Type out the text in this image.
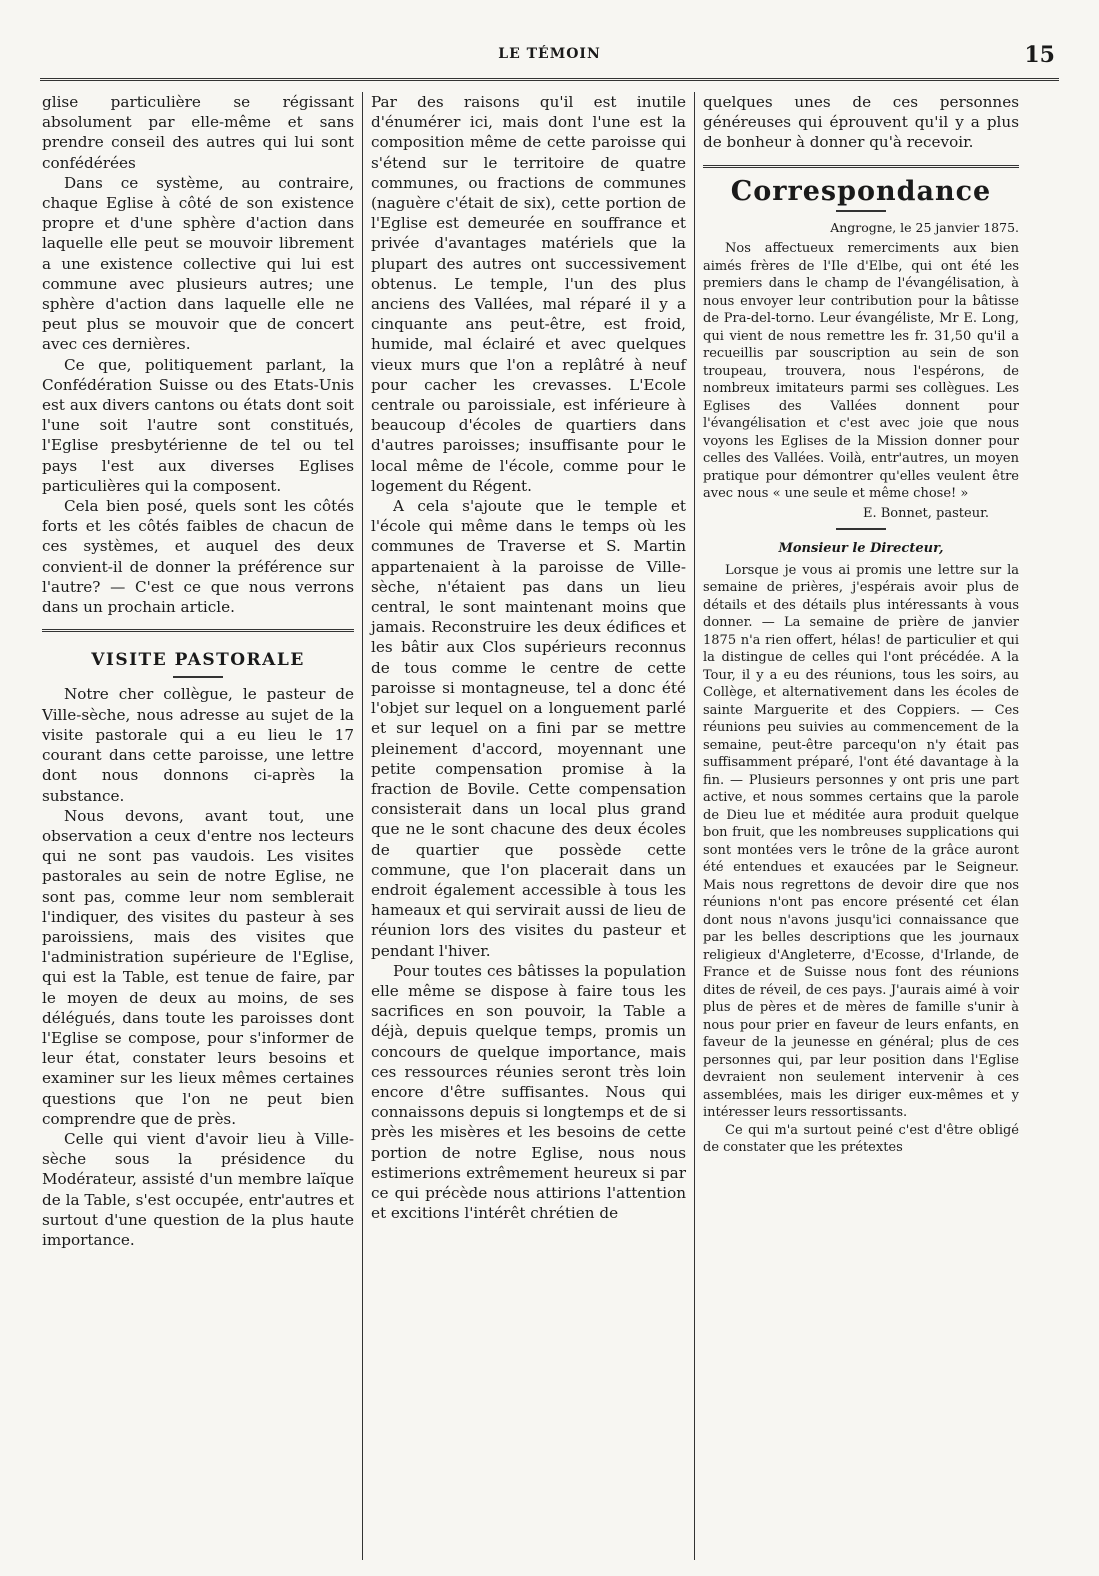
LE TÉMOIN	15

glise particulière se régissant absolument par elle-même et sans prendre conseil des autres qui lui sont confédérées

Dans ce système, au contraire, chaque Eglise à côté de son existence propre et d'une sphère d'action dans laquelle elle peut se mouvoir librement a une existence collective qui lui est commune avec plusieurs autres; une sphère d'action dans laquelle elle ne peut plus se mouvoir que de concert avec ces dernières.

Ce que, politiquement parlant, la Confédération Suisse ou des Etats-Unis est aux divers cantons ou états dont soit l'une soit l'autre sont constitués, l'Eglise presbytérienne de tel ou tel pays l'est aux diverses Eglises particulières qui la composent.

Cela bien posé, quels sont les côtés forts et les côtés faibles de chacun de ces systèmes, et auquel des deux convient-il de donner la préférence sur l'autre? — C'est ce que nous verrons dans un prochain article.

VISITE PASTORALE

Notre cher collègue, le pasteur de Ville-sèche, nous adresse au sujet de la visite pastorale qui a eu lieu le 17 courant dans cette paroisse, une lettre dont nous donnons ci-après la substance.

Nous devons, avant tout, une observation a ceux d'entre nos lecteurs qui ne sont pas vaudois. Les visites pastorales au sein de notre Eglise, ne sont pas, comme leur nom semblerait l'indiquer, des visites du pasteur à ses paroissiens, mais des visites que l'administration supérieure de l'Eglise, qui est la Table, est tenue de faire, par le moyen de deux au moins, de ses délégués, dans toute les paroisses dont l'Eglise se compose, pour s'informer de leur état, constater leurs besoins et examiner sur les lieux mêmes certaines questions que l'on ne peut bien comprendre que de près.

Celle qui vient d'avoir lieu à Ville-sèche sous la présidence du Modérateur, assisté d'un membre laïque de la Table, s'est occupée, entr'autres et surtout d'une question de la plus haute importance.

Par des raisons qu'il est inutile d'énumérer ici, mais dont l'une est la composition même de cette paroisse qui s'étend sur le territoire de quatre communes, ou fractions de communes (naguère c'était de six), cette portion de l'Eglise est demeurée en souffrance et privée d'avantages matériels que la plupart des autres ont successivement obtenus. Le temple, l'un des plus anciens des Vallées, mal réparé il y a cinquante ans peut-être, est froid, humide, mal éclairé et avec quelques vieux murs que l'on a replâtré à neuf pour cacher les crevasses. L'Ecole centrale ou paroissiale, est inférieure à beaucoup d'écoles de quartiers dans d'autres paroisses; insuffisante pour le local même de l'école, comme pour le logement du Régent.

A cela s'ajoute que le temple et l'école qui même dans le temps où les communes de Traverse et S. Martin appartenaient à la paroisse de Ville-sèche, n'étaient pas dans un lieu central, le sont maintenant moins que jamais. Reconstruire les deux édifices et les bâtir aux Clos supérieurs reconnus de tous comme le centre de cette paroisse si montagneuse, tel a donc été l'objet sur lequel on a longuement parlé et sur lequel on a fini par se mettre pleinement d'accord, moyennant une petite compensation promise à la fraction de Bovile. Cette compensation consisterait dans un local plus grand que ne le sont chacune des deux écoles de quartier que possède cette commune, que l'on placerait dans un endroit également accessible à tous les hameaux et qui servirait aussi de lieu de réunion lors des visites du pasteur et pendant l'hiver.

Pour toutes ces bâtisses la population elle même se dispose à faire tous les sacrifices en son pouvoir, la Table a déjà, depuis quelque temps, promis un concours de quelque importance, mais ces ressources réunies seront très loin encore d'être suffisantes. Nous qui connaissons depuis si longtemps et de si près les misères et les besoins de cette portion de notre Eglise, nous nous estimerions extrêmement heureux si par ce qui précède nous attirions l'attention et excitions l'intérêt chrétien de

quelques unes de ces personnes généreuses qui éprouvent qu'il y a plus de bonheur à donner qu'à recevoir.

Correspondance
Angrogne, le 25 janvier 1875.

Nos affectueux remerciments aux bien aimés frères de l'Ile d'Elbe, qui ont été les premiers dans le champ de l'évangélisation, à nous envoyer leur contribution pour la bâtisse de Pra-del-torno. Leur évangéliste, Mr E. Long, qui vient de nous remettre les fr. 31,50 qu'il a recueillis par souscription au sein de son troupeau, trouvera, nous l'espérons, de nombreux imitateurs parmi ses collègues. Les Eglises des Vallées donnent pour l'évangélisation et c'est avec joie que nous voyons les Eglises de la Mission donner pour celles des Vallées. Voilà, entr'autres, un moyen pratique pour démontrer qu'elles veulent être avec nous « une seule et même chose! »

E. Bonnet, pasteur.
Monsieur le Directeur,

Lorsque je vous ai promis une lettre sur la semaine de prières, j'espérais avoir plus de détails et des détails plus intéressants à vous donner. — La semaine de prière de janvier 1875 n'a rien offert, hélas! de particulier et qui la distingue de celles qui l'ont précédée. A la Tour, il y a eu des réunions, tous les soirs, au Collège, et alternativement dans les écoles de sainte Marguerite et des Coppiers. — Ces réunions peu suivies au commencement de la semaine, peut-être parcequ'on n'y était pas suffisamment préparé, l'ont été davantage à la fin. — Plusieurs personnes y ont pris une part active, et nous sommes certains que la parole de Dieu lue et méditée aura produit quelque bon fruit, que les nombreuses supplications qui sont montées vers le trône de la grâce auront été entendues et exaucées par le Seigneur. Mais nous regrettons de devoir dire que nos réunions n'ont pas encore présenté cet élan dont nous n'avons jusqu'ici connaissance que par les belles descriptions que les journaux religieux d'Angleterre, d'Ecosse, d'Irlande, de France et de Suisse nous font des réunions dites de réveil, de ces pays. J'aurais aimé à voir plus de pères et de mères de famille s'unir à nous pour prier en faveur de leurs enfants, en faveur de la jeunesse en général; plus de ces personnes qui, par leur position dans l'Eglise devraient non seulement intervenir à ces assemblées, mais les diriger eux-mêmes et y intéresser leurs ressortissants.

Ce qui m'a surtout peiné c'est d'être obligé de constater que les prétextes
